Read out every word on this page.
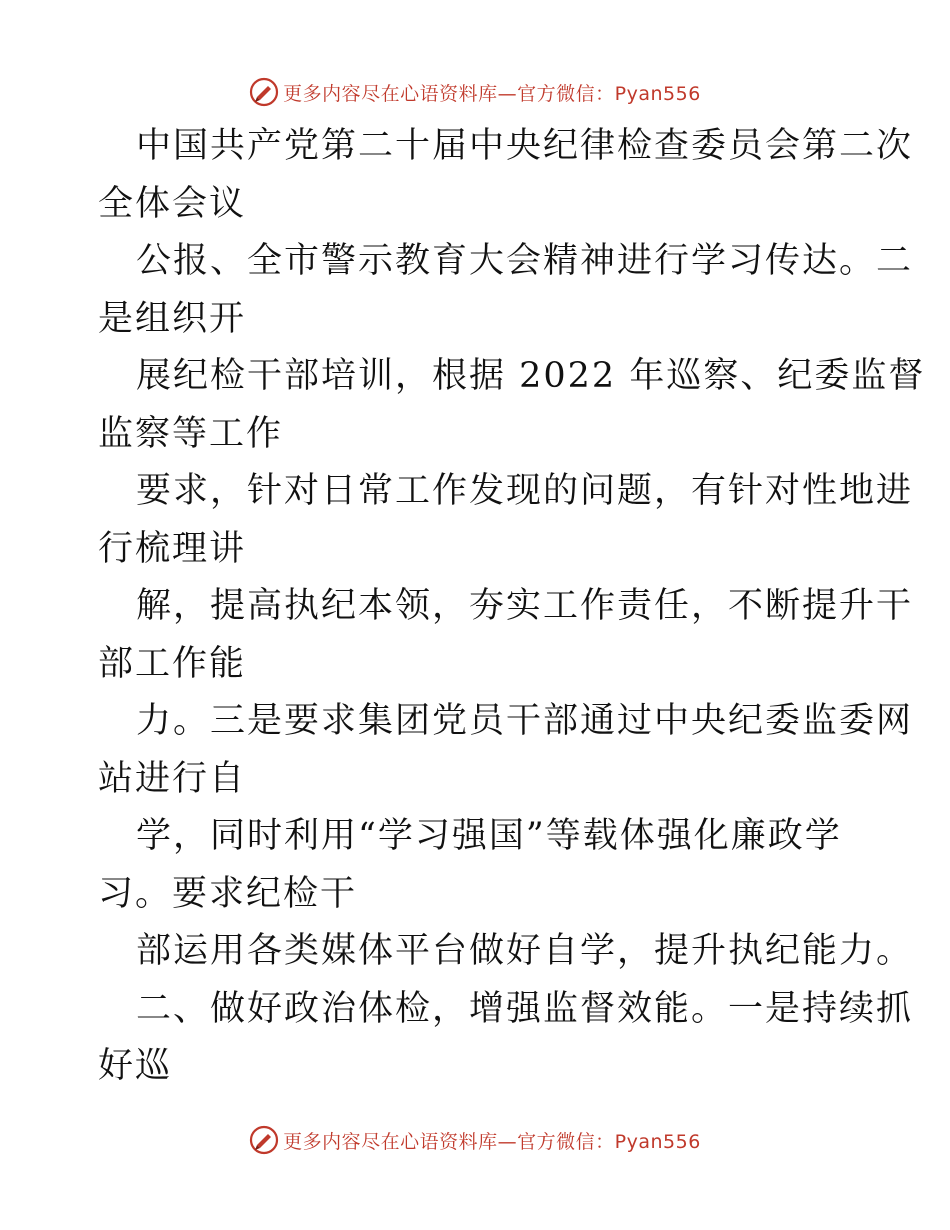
更多内容尽在心语资料库—官方微信：Pyan556
中国共产党第二十届中央纪律检查委员会第二次
全体会议
公报、全市警示教育大会精神进行学习传达。二
是组织开
展纪检干部培训，根据 2022 年巡察、纪委监督
监察等工作
要求，针对日常工作发现的问题，有针对性地进
行梳理讲
解，提高执纪本领，夯实工作责任，不断提升干
部工作能
力。三是要求集团党员干部通过中央纪委监委网
站进行自
学，同时利用“学习强国”等载体强化廉政学
习。要求纪检干
部运用各类媒体平台做好自学，提升执纪能力。
二、做好政治体检，增强监督效能。一是持续抓
好巡
更多内容尽在心语资料库—官方微信：Pyan556
